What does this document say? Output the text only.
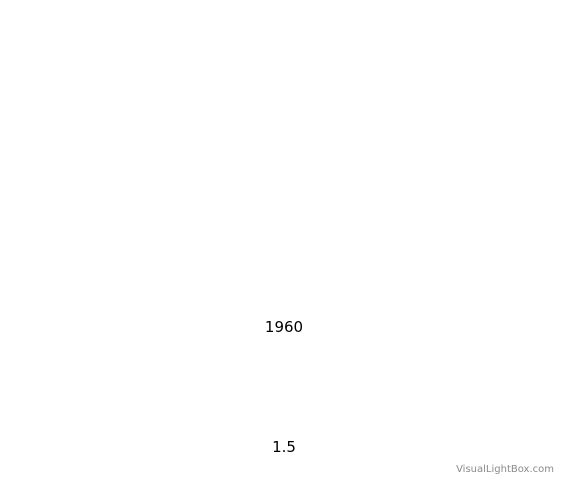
1960
1.5
VisualLightBox.com
